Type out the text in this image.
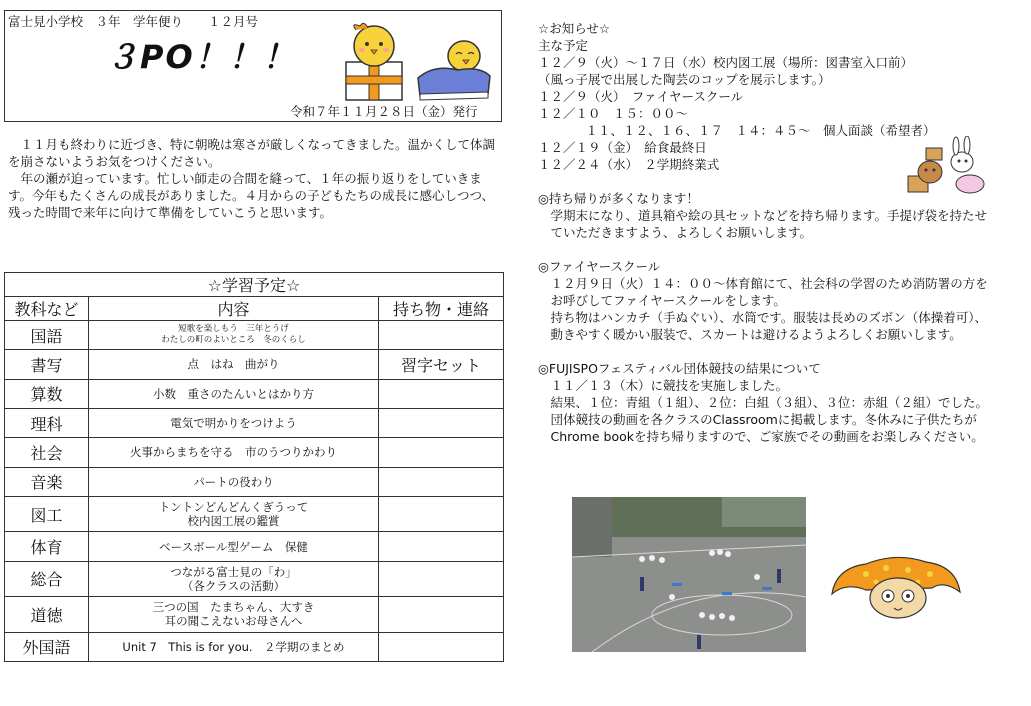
富士見小学校　３年　学年便り　　１２月号
３PO！！！
令和７年１１月２８日（金）発行

１１月も終わりに近づき、特に朝晩は寒さが厳しくなってきました。温かくして体調を崩さないようお気をつけください。

年の瀬が迫っています。忙しい師走の合間を縫って、１年の振り返りをしていきます。今年もたくさんの成長がありました。４月からの子どもたちの成長に感心しつつ、残った時間で来年に向けて準備をしていこうと思います。

☆学習予定☆		
教科など	内容	持ち物・連絡
国語	短歌を楽しもう　三年とうげ
わたしの町のよいところ　冬のくらし	

書写	点　はね　曲がり	習字セット
算数	小数　重さのたんいとはかり方	

理科	電気で明かりをつけよう	

社会	火事からまちを守る　市のうつりかわり	

音楽	パートの役わり	

図工	トントンどんどんくぎうって
校内図工展の鑑賞	

体育	ベースボール型ゲーム　保健	

総合	つながる富士見の「わ」
（各クラスの活動）	

道徳	三つの国　たまちゃん、大すき
耳の聞こえないお母さんへ	

外国語	Unit 7　This is for you.　２学期のまとめ	

☆お知らせ☆

主な予定

１２／９（火）～１７日（水）校内図工展（場所：図書室入口前）

（風っ子展で出展した陶芸のコップを展示します。）

１２／９（火）　ファイヤースクール

１２／１０　１５：００～

１１、１２、１６、１７　１４：４５～　個人面談（希望者）

１２／１９（金）　給食最終日

１２／２４（水）　２学期終業式

◎持ち帰りが多くなります！

学期末になり、道具箱や絵の具セットなどを持ち帰ります。手提げ袋を持たせていただきますよう、よろしくお願いします。

◎ファイヤースクール

１２月９日（火）１４：００～体育館にて、社会科の学習のため消防署の方をお呼びしてファイヤースクールをします。

持ち物はハンカチ（手ぬぐい）、水筒です。服装は長めのズボン（体操着可）、動きやすく暖かい服装で、スカートは避けるようよろしくお願いします。

◎FUJISPOフェスティバル団体競技の結果について

１１／１３（木）に競技を実施しました。

結果、１位：青組（１組）、２位：白組（３組）、３位：赤組（２組）でした。

団体競技の動画を各クラスのClassroomに掲載します。冬休みに子供たちがChrome bookを持ち帰りますので、ご家族でその動画をお楽しみください。
